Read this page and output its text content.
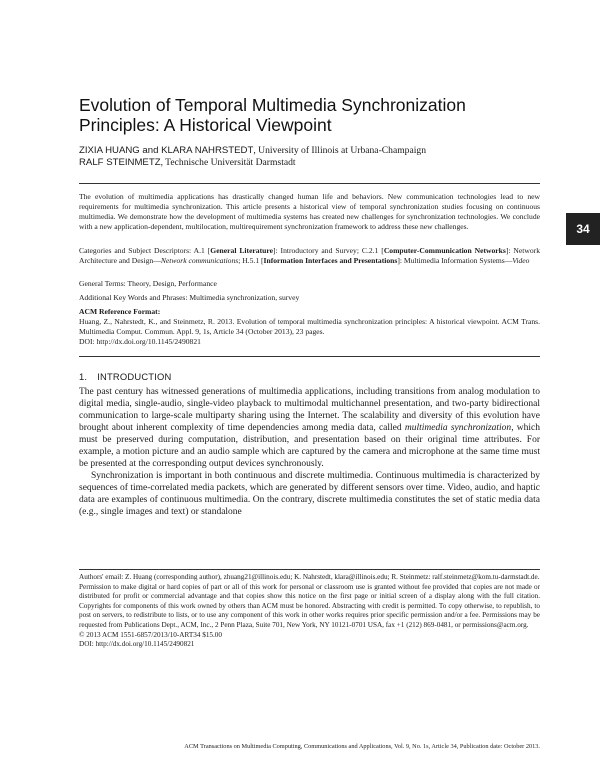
34
Evolution of Temporal Multimedia Synchronization
Principles: A Historical Viewpoint
ZIXIA HUANG and KLARA NAHRSTEDT, University of Illinois at Urbana-Champaign
RALF STEINMETZ, Technische Universität Darmstadt
The evolution of multimedia applications has drastically changed human life and behaviors. New communication technologies lead to new requirements for multimedia synchronization. This article presents a historical view of temporal synchronization studies focusing on continuous multimedia. We demonstrate how the development of multimedia systems has created new challenges for synchronization technologies. We conclude with a new application-dependent, multilocation, multirequirement synchronization framework to address these new challenges.
Categories and Subject Descriptors: A.1 [General Literature]: Introductory and Survey; C.2.1 [Computer-Communication Networks]: Network Architecture and Design—Network communications; H.5.1 [Information Interfaces and Presentations]: Multimedia Information Systems—Video
General Terms: Theory, Design, Performance
Additional Key Words and Phrases: Multimedia synchronization, survey
ACM Reference Format:
Huang, Z., Nahrstedt, K., and Steinmetz, R. 2013. Evolution of temporal multimedia synchronization principles: A historical viewpoint. ACM Trans. Multimedia Comput. Commun. Appl. 9, 1s, Article 34 (October 2013), 23 pages.
DOI: http://dx.doi.org/10.1145/2490821
1. INTRODUCTION

The past century has witnessed generations of multimedia applications, including transitions from analog modulation to digital media, single-audio, single-video playback to multimodal multichannel presentation, and two-party bidirectional communication to large-scale multiparty sharing using the Internet. The scalability and diversity of this evolution have brought about inherent complexity of time dependencies among media data, called multimedia synchronization, which must be preserved during computation, distribution, and presentation based on their original time attributes. For example, a motion picture and an audio sample which are captured by the camera and microphone at the same time must be presented at the corresponding output devices synchronously.

Synchronization is important in both continuous and discrete multimedia. Continuous multimedia is characterized by sequences of time-correlated media packets, which are generated by different sensors over time. Video, audio, and haptic data are examples of continuous multimedia. On the contrary, discrete multimedia constitutes the set of static media data (e.g., single images and text) or standalone

Authors' email: Z. Huang (corresponding author), zhuang21@illinois.edu; K. Nahrstedt, klara@illinois.edu; R. Steinmetz: ralf.steinmetz@kom.tu-darmstadt.de.

Permission to make digital or hard copies of part or all of this work for personal or classroom use is granted without fee provided that copies are not made or distributed for profit or commercial advantage and that copies show this notice on the first page or initial screen of a display along with the full citation. Copyrights for components of this work owned by others than ACM must be honored. Abstracting with credit is permitted. To copy otherwise, to republish, to post on servers, to redistribute to lists, or to use any component of this work in other works requires prior specific permission and/or a fee. Permissions may be requested from Publications Dept., ACM, Inc., 2 Penn Plaza, Suite 701, New York, NY 10121-0701 USA, fax +1 (212) 869-0481, or permissions@acm.org.

© 2013 ACM 1551-6857/2013/10-ART34 $15.00

DOI: http://dx.doi.org/10.1145/2490821

ACM Transactions on Multimedia Computing, Communications and Applications, Vol. 9, No. 1s, Article 34, Publication date: October 2013.
